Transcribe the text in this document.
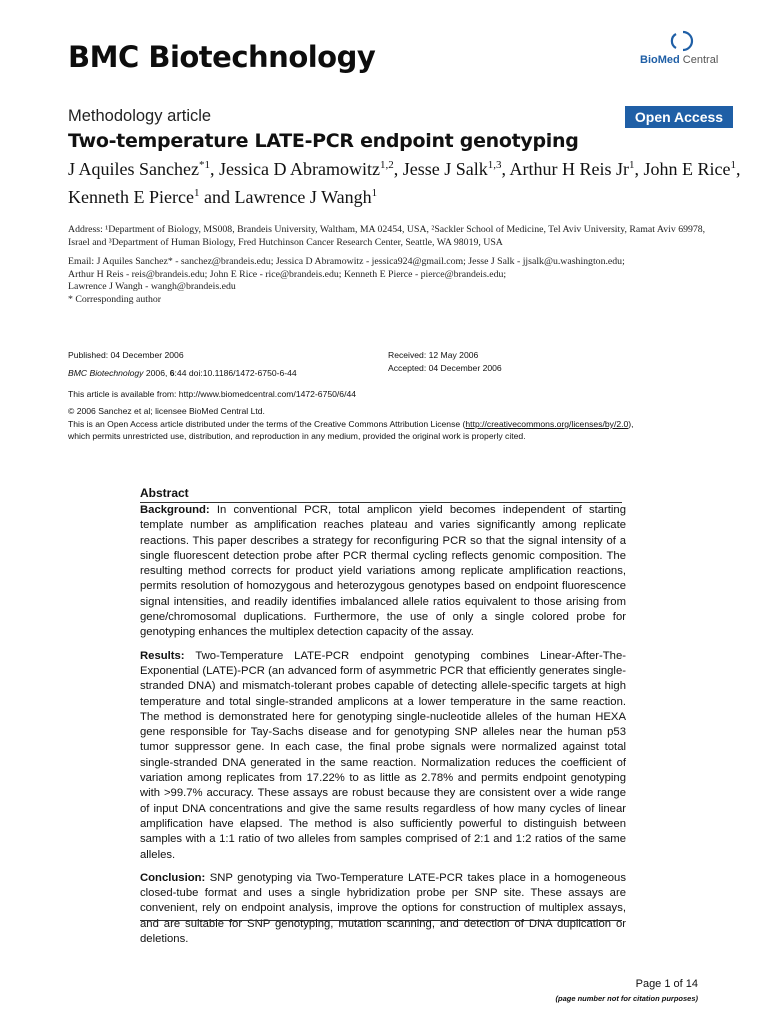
BMC Biotechnology	BioMed Central
Methodology article	Open Access
Two-temperature LATE-PCR endpoint genotyping
J Aquiles Sanchez$^{*1}$, Jessica D Abramowitz$^{1,2}$, Jesse J Salk$^{1,3}$, Arthur H Reis Jr$^1$, John E Rice$^1$, Kenneth E Pierce$^1$ and Lawrence J Wangh$^1$
Address: ¹Department of Biology, MS008, Brandeis University, Waltham, MA 02454, USA, ²Sackler School of Medicine, Tel Aviv University, Ramat Aviv 69978, Israel and ³Department of Human Biology, Fred Hutchinson Cancer Research Center, Seattle, WA 98019, USA
Email: J Aquiles Sanchez* - sanchez@brandeis.edu; Jessica D Abramowitz - jessica924@gmail.com; Jesse J Salk - jjsalk@u.washington.edu;
Arthur H Reis - reis@brandeis.edu; John E Rice - rice@brandeis.edu; Kenneth E Pierce - pierce@brandeis.edu;
Lawrence J Wangh - wangh@brandeis.edu
* Corresponding author
Published: 04 December 2006
BMC Biotechnology 2006, 6:44 doi:10.1186/1472-6750-6-44
Received: 12 May 2006
Accepted: 04 December 2006
This article is available from: http://www.biomedcentral.com/1472-6750/6/44
© 2006 Sanchez et al; licensee BioMed Central Ltd.
This is an Open Access article distributed under the terms of the Creative Commons Attribution License (http://creativecommons.org/licenses/by/2.0),
which permits unrestricted use, distribution, and reproduction in any medium, provided the original work is properly cited.
Abstract

Background: In conventional PCR, total amplicon yield becomes independent of starting template number as amplification reaches plateau and varies significantly among replicate reactions. This paper describes a strategy for reconfiguring PCR so that the signal intensity of a single fluorescent detection probe after PCR thermal cycling reflects genomic composition. The resulting method corrects for product yield variations among replicate amplification reactions, permits resolution of homozygous and heterozygous genotypes based on endpoint fluorescence signal intensities, and readily identifies imbalanced allele ratios equivalent to those arising from gene/chromosomal duplications. Furthermore, the use of only a single colored probe for genotyping enhances the multiplex detection capacity of the assay.

Results: Two-Temperature LATE-PCR endpoint genotyping combines Linear-After-The-Exponential (LATE)-PCR (an advanced form of asymmetric PCR that efficiently generates single-stranded DNA) and mismatch-tolerant probes capable of detecting allele-specific targets at high temperature and total single-stranded amplicons at a lower temperature in the same reaction. The method is demonstrated here for genotyping single-nucleotide alleles of the human HEXA gene responsible for Tay-Sachs disease and for genotyping SNP alleles near the human p53 tumor suppressor gene. In each case, the final probe signals were normalized against total single-stranded DNA generated in the same reaction. Normalization reduces the coefficient of variation among replicates from 17.22% to as little as 2.78% and permits endpoint genotyping with >99.7% accuracy. These assays are robust because they are consistent over a wide range of input DNA concentrations and give the same results regardless of how many cycles of linear amplification have elapsed. The method is also sufficiently powerful to distinguish between samples with a 1:1 ratio of two alleles from samples comprised of 2:1 and 1:2 ratios of the same alleles.

Conclusion: SNP genotyping via Two-Temperature LATE-PCR takes place in a homogeneous closed-tube format and uses a single hybridization probe per SNP site. These assays are convenient, rely on endpoint analysis, improve the options for construction of multiplex assays, and are suitable for SNP genotyping, mutation scanning, and detection of DNA duplication or deletions.

Page 1 of 14
(page number not for citation purposes)
